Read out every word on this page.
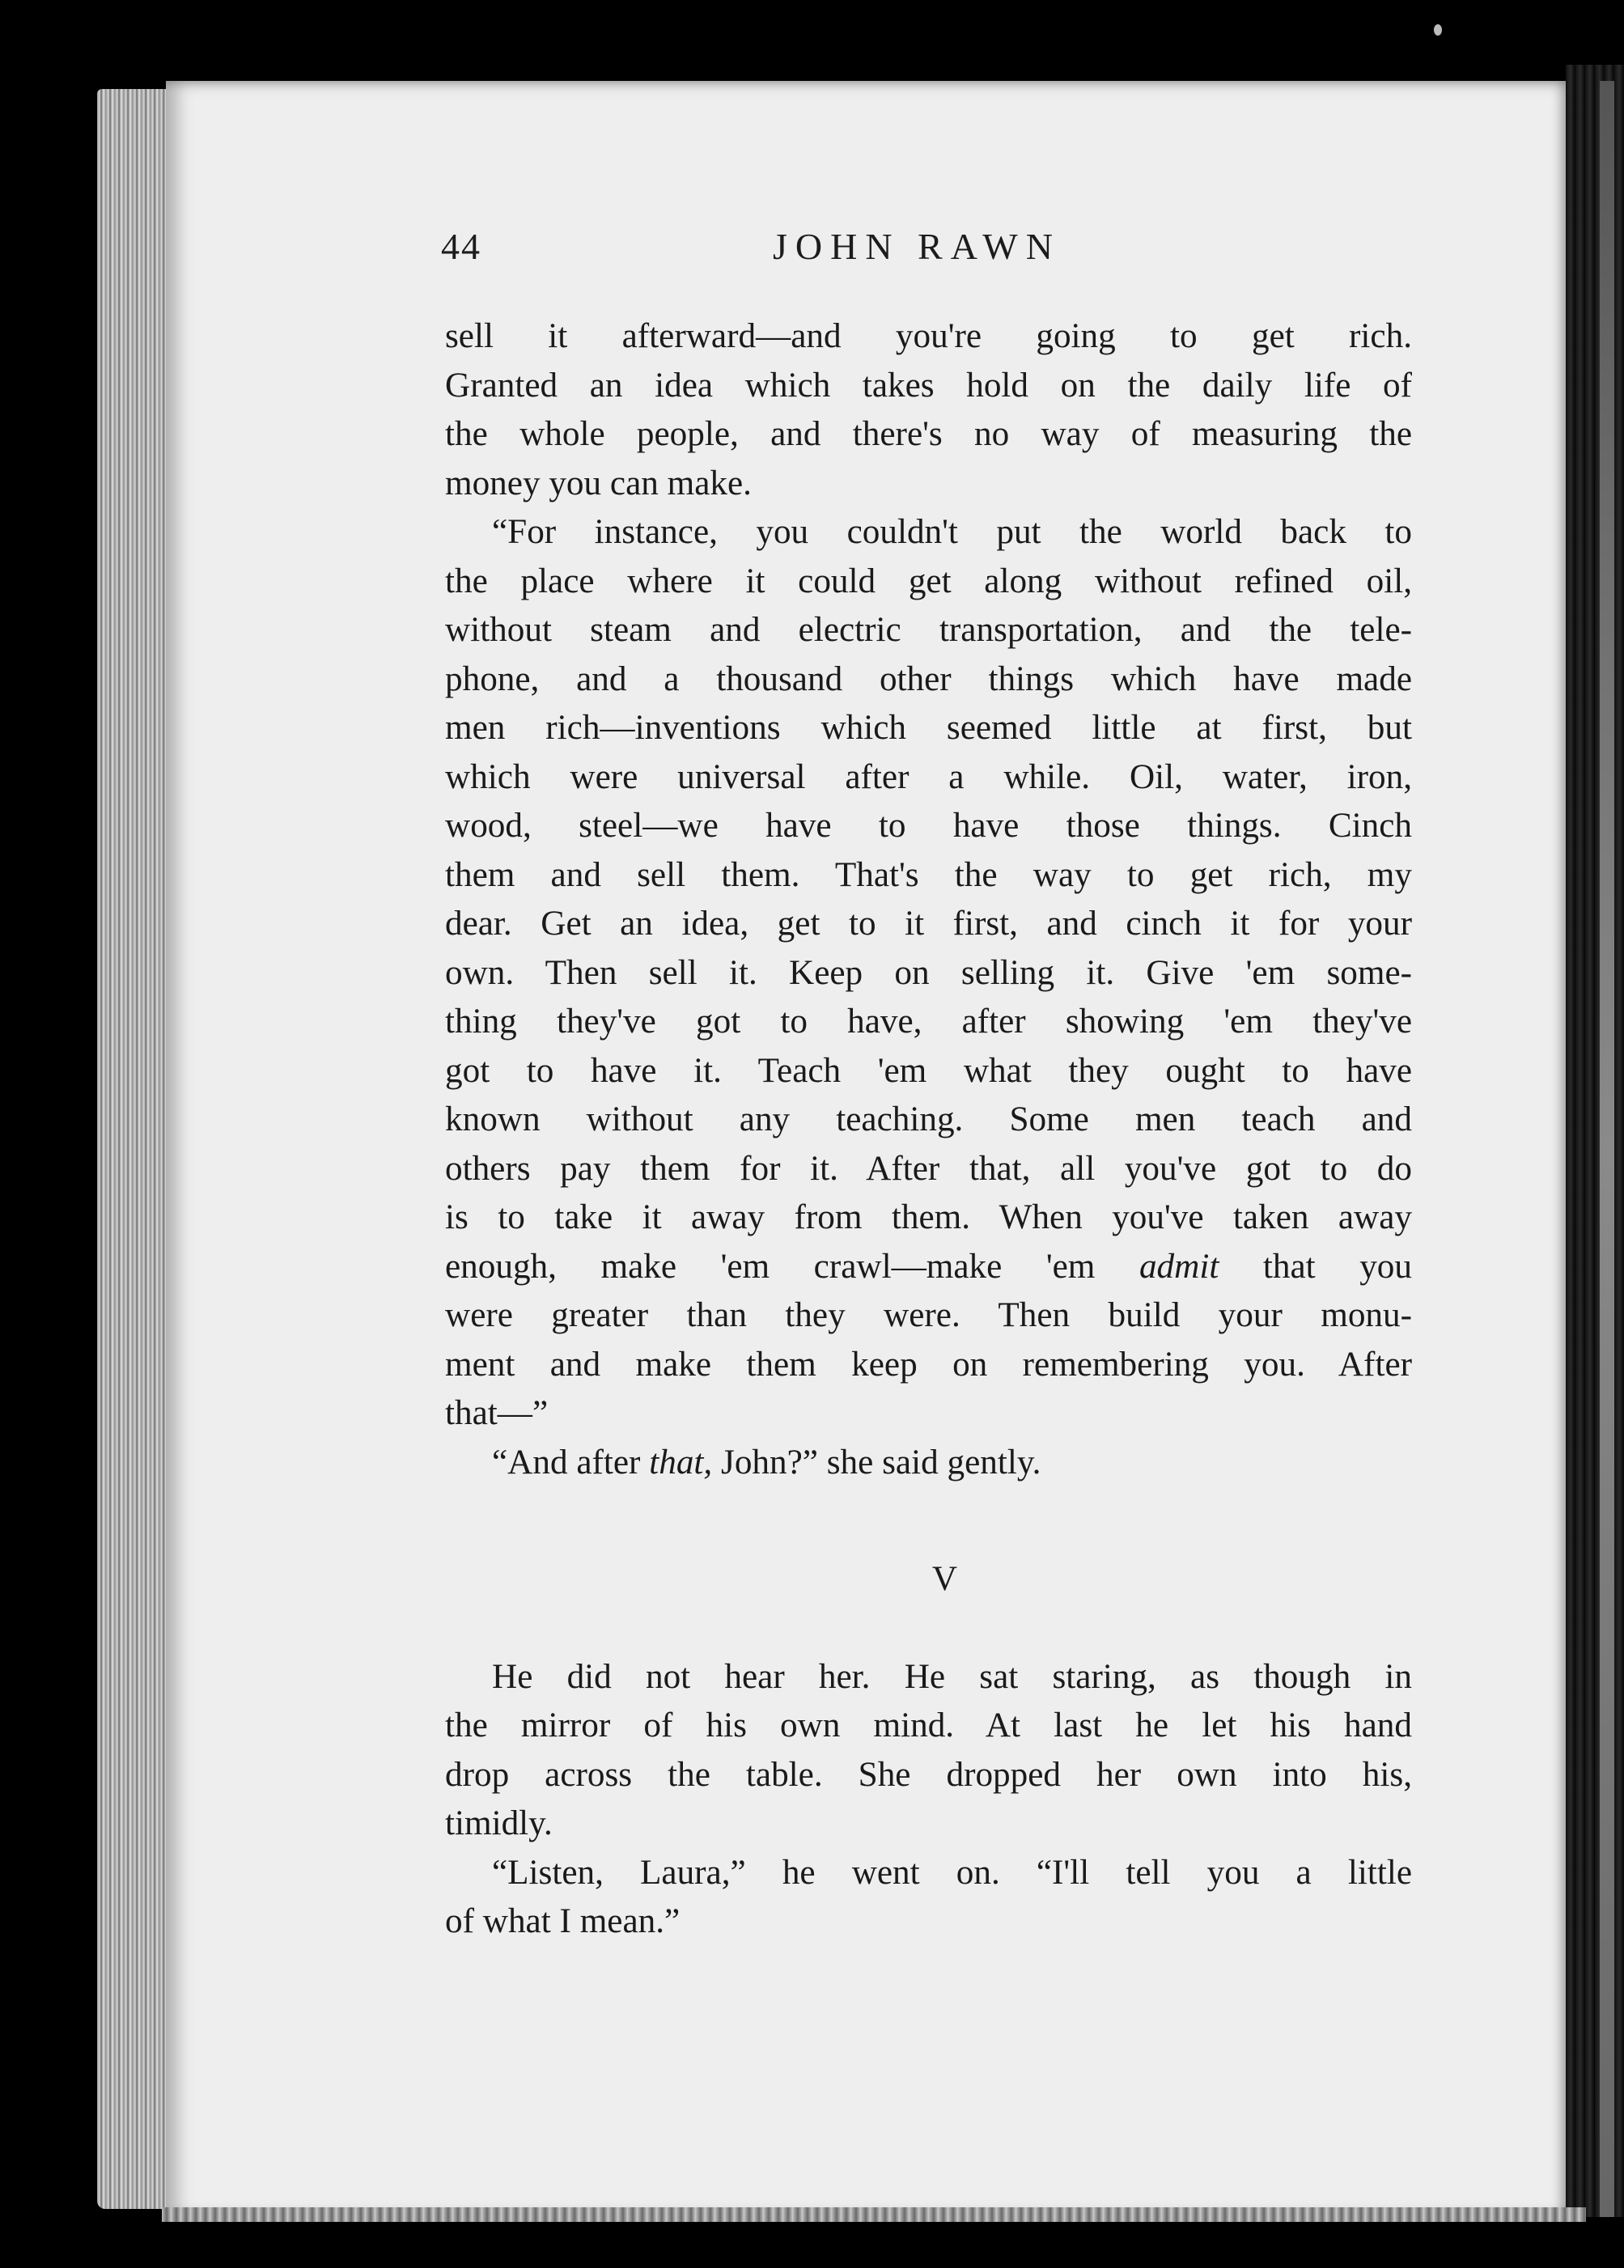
44	JOHN RAWN
sell it afterward—and you're going to get rich.
Granted an idea which takes hold on the daily life of
the whole people, and there's no way of measuring the
money you can make.
“For instance, you couldn't put the world back to
the place where it could get along without refined oil,
without steam and electric transportation, and the tele-
phone, and a thousand other things which have made
men rich—inventions which seemed little at first, but
which were universal after a while. Oil, water, iron,
wood, steel—we have to have those things. Cinch
them and sell them. That's the way to get rich, my
dear. Get an idea, get to it first, and cinch it for your
own. Then sell it. Keep on selling it. Give 'em some-
thing they've got to have, after showing 'em they've
got to have it. Teach 'em what they ought to have
known without any teaching. Some men teach and
others pay them for it. After that, all you've got to do
is to take it away from them. When you've taken away
enough, make 'em crawl—make 'em admit that you
were greater than they were. Then build your monu-
ment and make them keep on remembering you. After
that—”
“And after that, John?” she said gently.
V
He did not hear her. He sat staring, as though in
the mirror of his own mind. At last he let his hand
drop across the table. She dropped her own into his,
timidly.
“Listen, Laura,” he went on. “I'll tell you a little
of what I mean.”
